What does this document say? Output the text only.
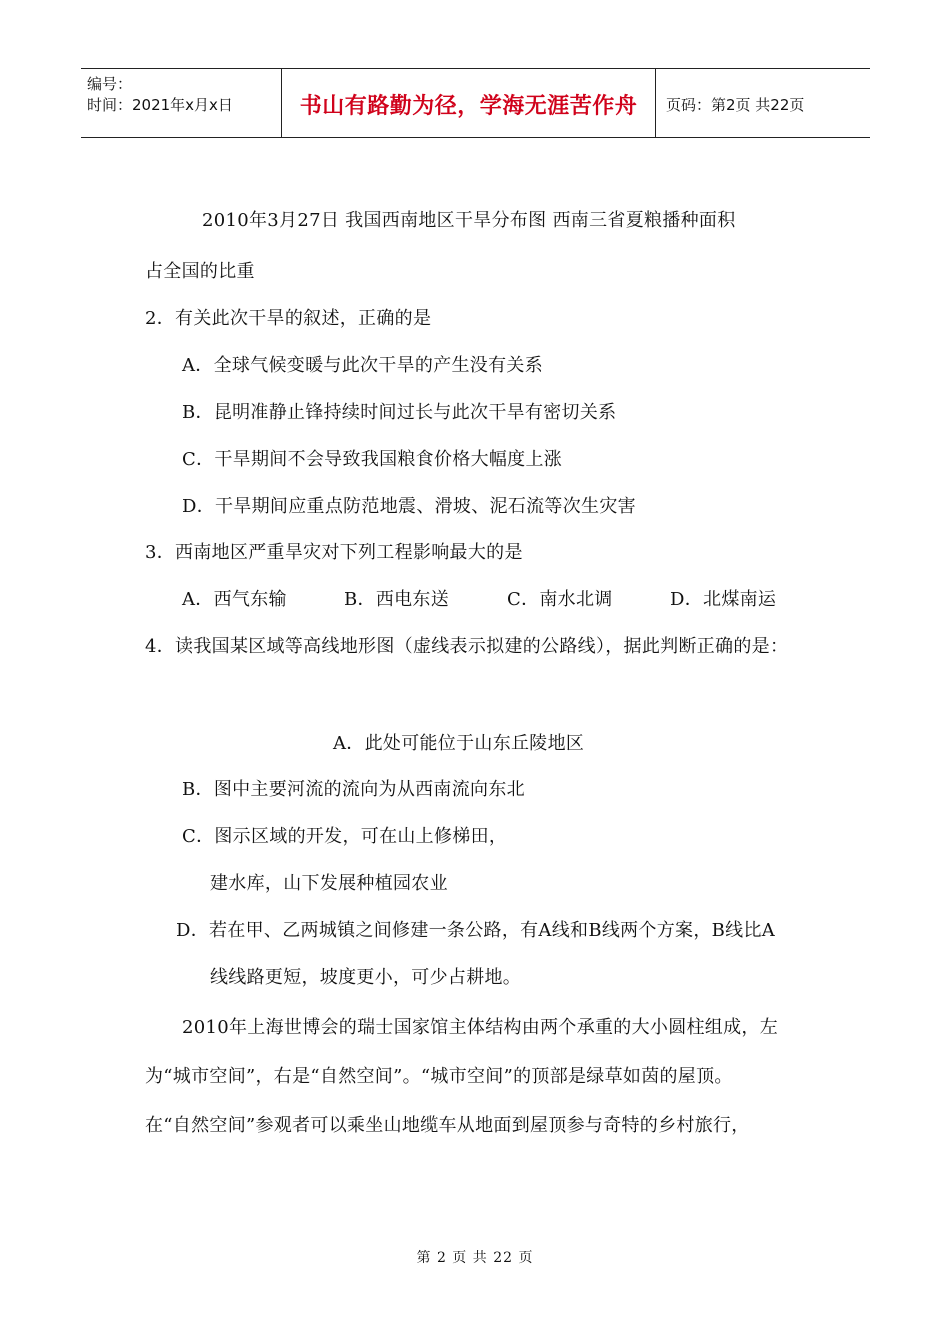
编号：
时间：2021年x月x日	书山有路勤为径，学海无涯苦作舟	页码：第2页 共22页
2010年3月27日 我国西南地区干旱分布图 西南三省夏粮播种面积
占全国的比重
2．有关此次干旱的叙述，正确的是
A．全球气候变暖与此次干旱的产生没有关系
B．昆明准静止锋持续时间过长与此次干旱有密切关系
C．干旱期间不会导致我国粮食价格大幅度上涨
D．干旱期间应重点防范地震、滑坡、泥石流等次生灾害
3．西南地区严重旱灾对下列工程影响最大的是
A．西气东输	B．西电东送	C．南水北调	D．北煤南运
4．读我国某区域等高线地形图（虚线表示拟建的公路线），据此判断正确的是：
A．此处可能位于山东丘陵地区
B．图中主要河流的流向为从西南流向东北
C．图示区域的开发，可在山上修梯田，
建水库，山下发展种植园农业
D．若在甲、乙两城镇之间修建一条公路，有A线和B线两个方案，B线比A
线线路更短，坡度更小，可少占耕地。
2010年上海世博会的瑞士国家馆主体结构由两个承重的大小圆柱组成，左
为“城市空间”，右是“自然空间”。“城市空间”的顶部是绿草如茵的屋顶。
在“自然空间”参观者可以乘坐山地缆车从地面到屋顶参与奇特的乡村旅行，
第 2 页 共 22 页
